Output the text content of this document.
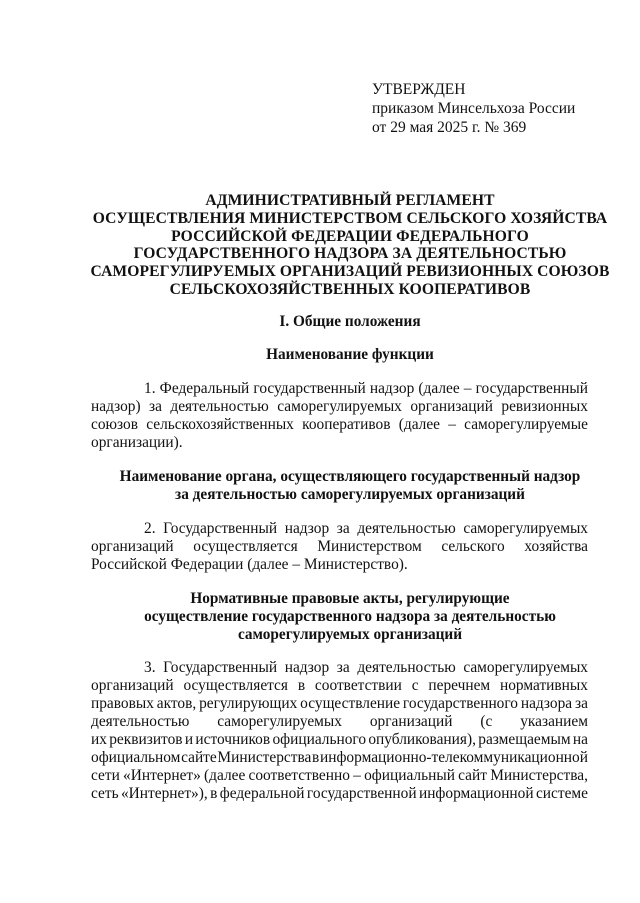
УТВЕРЖДЕН
приказом Минсельхоза России
от 29 мая 2025 г. № 369
АДМИНИСТРАТИВНЫЙ РЕГЛАМЕНТ
ОСУЩЕСТВЛЕНИЯ МИНИСТЕРСТВОМ СЕЛЬСКОГО ХОЗЯЙСТВА
РОССИЙСКОЙ ФЕДЕРАЦИИ ФЕДЕРАЛЬНОГО
ГОСУДАРСТВЕННОГО НАДЗОРА ЗА ДЕЯТЕЛЬНОСТЬЮ
САМОРЕГУЛИРУЕМЫХ ОРГАНИЗАЦИЙ РЕВИЗИОННЫХ СОЮЗОВ
СЕЛЬСКОХОЗЯЙСТВЕННЫХ КООПЕРАТИВОВ
I. Общие положения
Наименование функции
1. Федеральный государственный надзор (далее – государственный
надзор) за деятельностью саморегулируемых организаций ревизионных
союзов сельскохозяйственных кооперативов (далее – саморегулируемые
организации).
Наименование органа, осуществляющего государственный надзор
за деятельностью саморегулируемых организаций
2. Государственный надзор за деятельностью саморегулируемых
организаций осуществляется Министерством сельского хозяйства
Российской Федерации (далее – Министерство).
Нормативные правовые акты, регулирующие
осуществление государственного надзора за деятельностью
саморегулируемых организаций
3. Государственный надзор за деятельностью саморегулируемых
организаций осуществляется в соответствии с перечнем нормативных
правовых актов, регулирующих осуществление государственного надзора за
деятельностью саморегулируемых организаций (с указанием
их реквизитов и источников официального опубликования), размещаемым на
официальном сайте Министерства в информационно-телекоммуникационной
сети «Интернет» (далее соответственно – официальный сайт Министерства,
сеть «Интернет»), в федеральной государственной информационной системе
